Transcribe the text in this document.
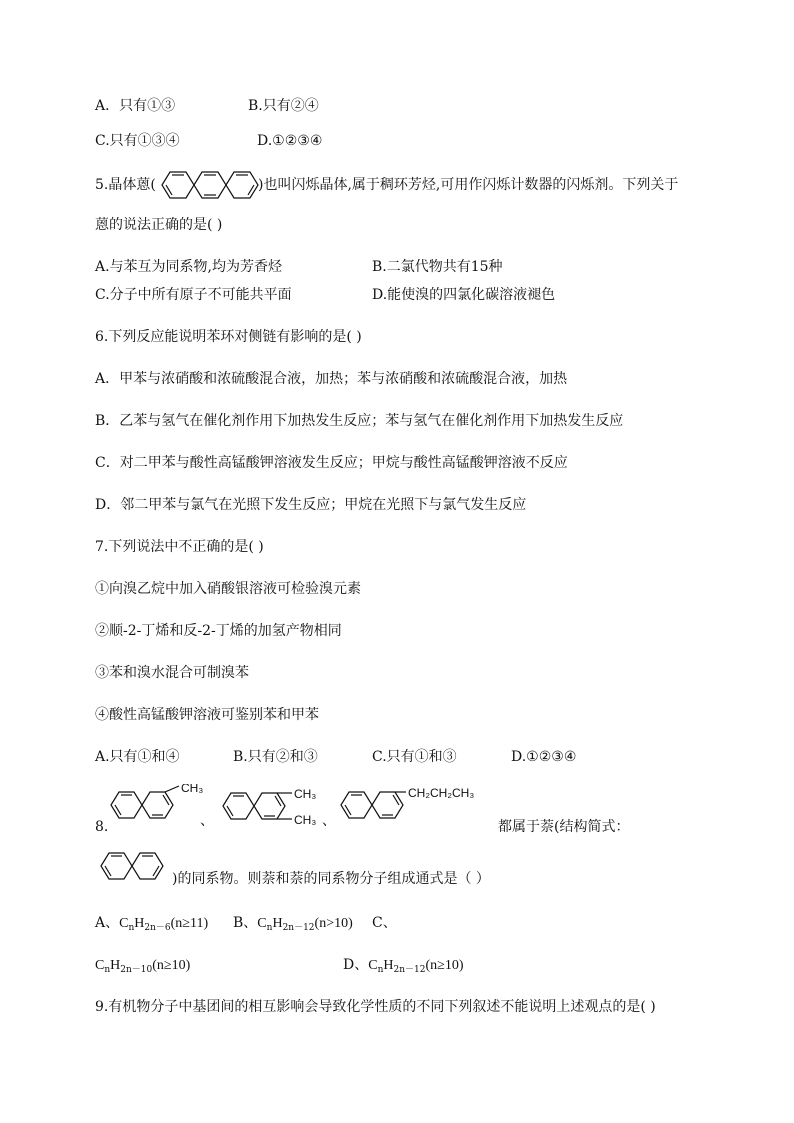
A．只有①③	B.只有②④
C.只有①③④	D.①②③④
5.晶体蒽(	)也叫闪烁晶体,属于稠环芳烃,可用作闪烁计数器的闪烁剂。下列关于
蒽的说法正确的是( )
A.与苯互为同系物,均为芳香烃	B.二氯代物共有15种
C.分子中所有原子不可能共平面	D.能使溴的四氯化碳溶液褪色
6.下列反应能说明苯环对侧链有影响的是( )
A．甲苯与浓硝酸和浓硫酸混合液，加热；苯与浓硝酸和浓硫酸混合液，加热
B．乙苯与氢气在催化剂作用下加热发生反应；苯与氢气在催化剂作用下加热发生反应
C．对二甲苯与酸性高锰酸钾溶液发生反应；甲烷与酸性高锰酸钾溶液不反应
D．邻二甲苯与氯气在光照下发生反应；甲烷在光照下与氯气发生反应
7.下列说法中不正确的是( )
①向溴乙烷中加入硝酸银溶液可检验溴元素
②顺-2-丁烯和反-2-丁烯的加氢产物相同
③苯和溴水混合可制溴苯
④酸性高锰酸钾溶液可鉴别苯和甲苯
A.只有①和④	B.只有②和③	C.只有①和③	D.①②③④
CH₃
、
CH₃
CH₃ 、
CH₂CH₂CH₃
8.	都属于萘(结构简式：
)的同系物。则萘和萘的同系物分子组成通式是（ ）
A、$C_nH_{2n-6}(n\ge 11)$ B、$C_nH_{2n-12}(n>10)$ C、
$C_nH_{2n-10}(n\ge 10)$	D、$C_nH_{2n-12}(n\ge 10)$
9.有机物分子中基团间的相互影响会导致化学性质的不同下列叙述不能说明上述观点的是( )
